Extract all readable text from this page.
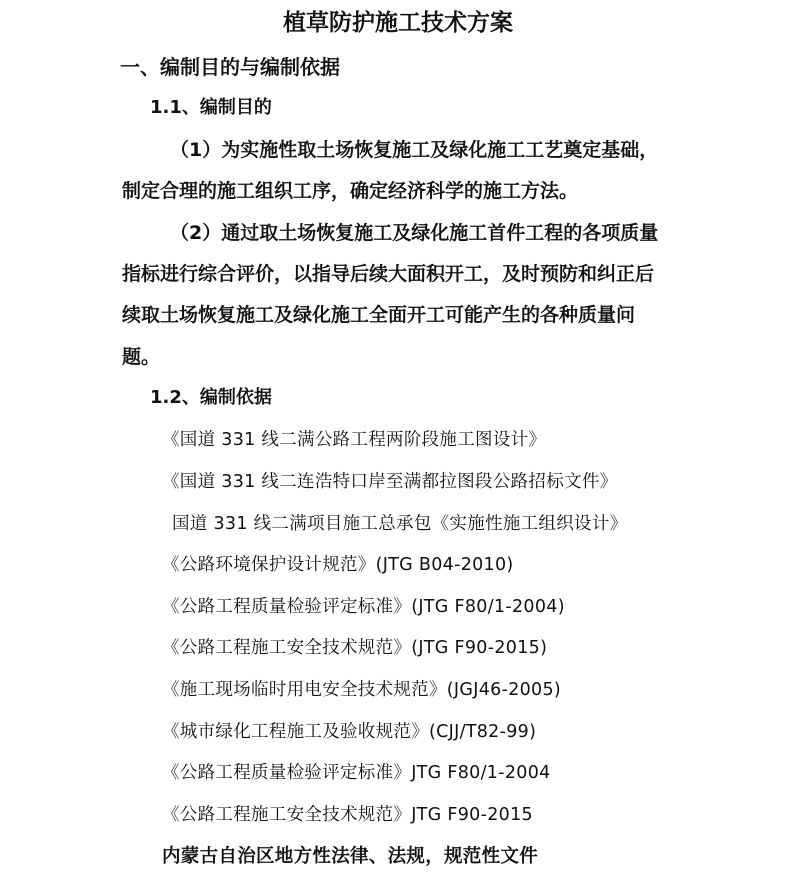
植草防护施工技术方案
一、编制目的与编制依据
1.1、编制目的
（1）为实施性取土场恢复施工及绿化施工工艺奠定基础，
制定合理的施工组织工序，确定经济科学的施工方法。
（2）通过取土场恢复施工及绿化施工首件工程的各项质量
指标进行综合评价，以指导后续大面积开工，及时预防和纠正后
续取土场恢复施工及绿化施工全面开工可能产生的各种质量问
题。
1.2、编制依据
《国道 331 线二满公路工程两阶段施工图设计》
《国道 331 线二连浩特口岸至满都拉图段公路招标文件》
国道 331 线二满项目施工总承包《实施性施工组织设计》
《公路环境保护设计规范》(JTG B04-2010)
《公路工程质量检验评定标准》(JTG F80/1-2004)
《公路工程施工安全技术规范》(JTG F90-2015)
《施工现场临时用电安全技术规范》(JGJ46-2005)
《城市绿化工程施工及验收规范》(CJJ/T82-99)
《公路工程质量检验评定标准》JTG F80/1-2004
《公路工程施工安全技术规范》JTG F90-2015
内蒙古自治区地方性法律、法规，规范性文件
